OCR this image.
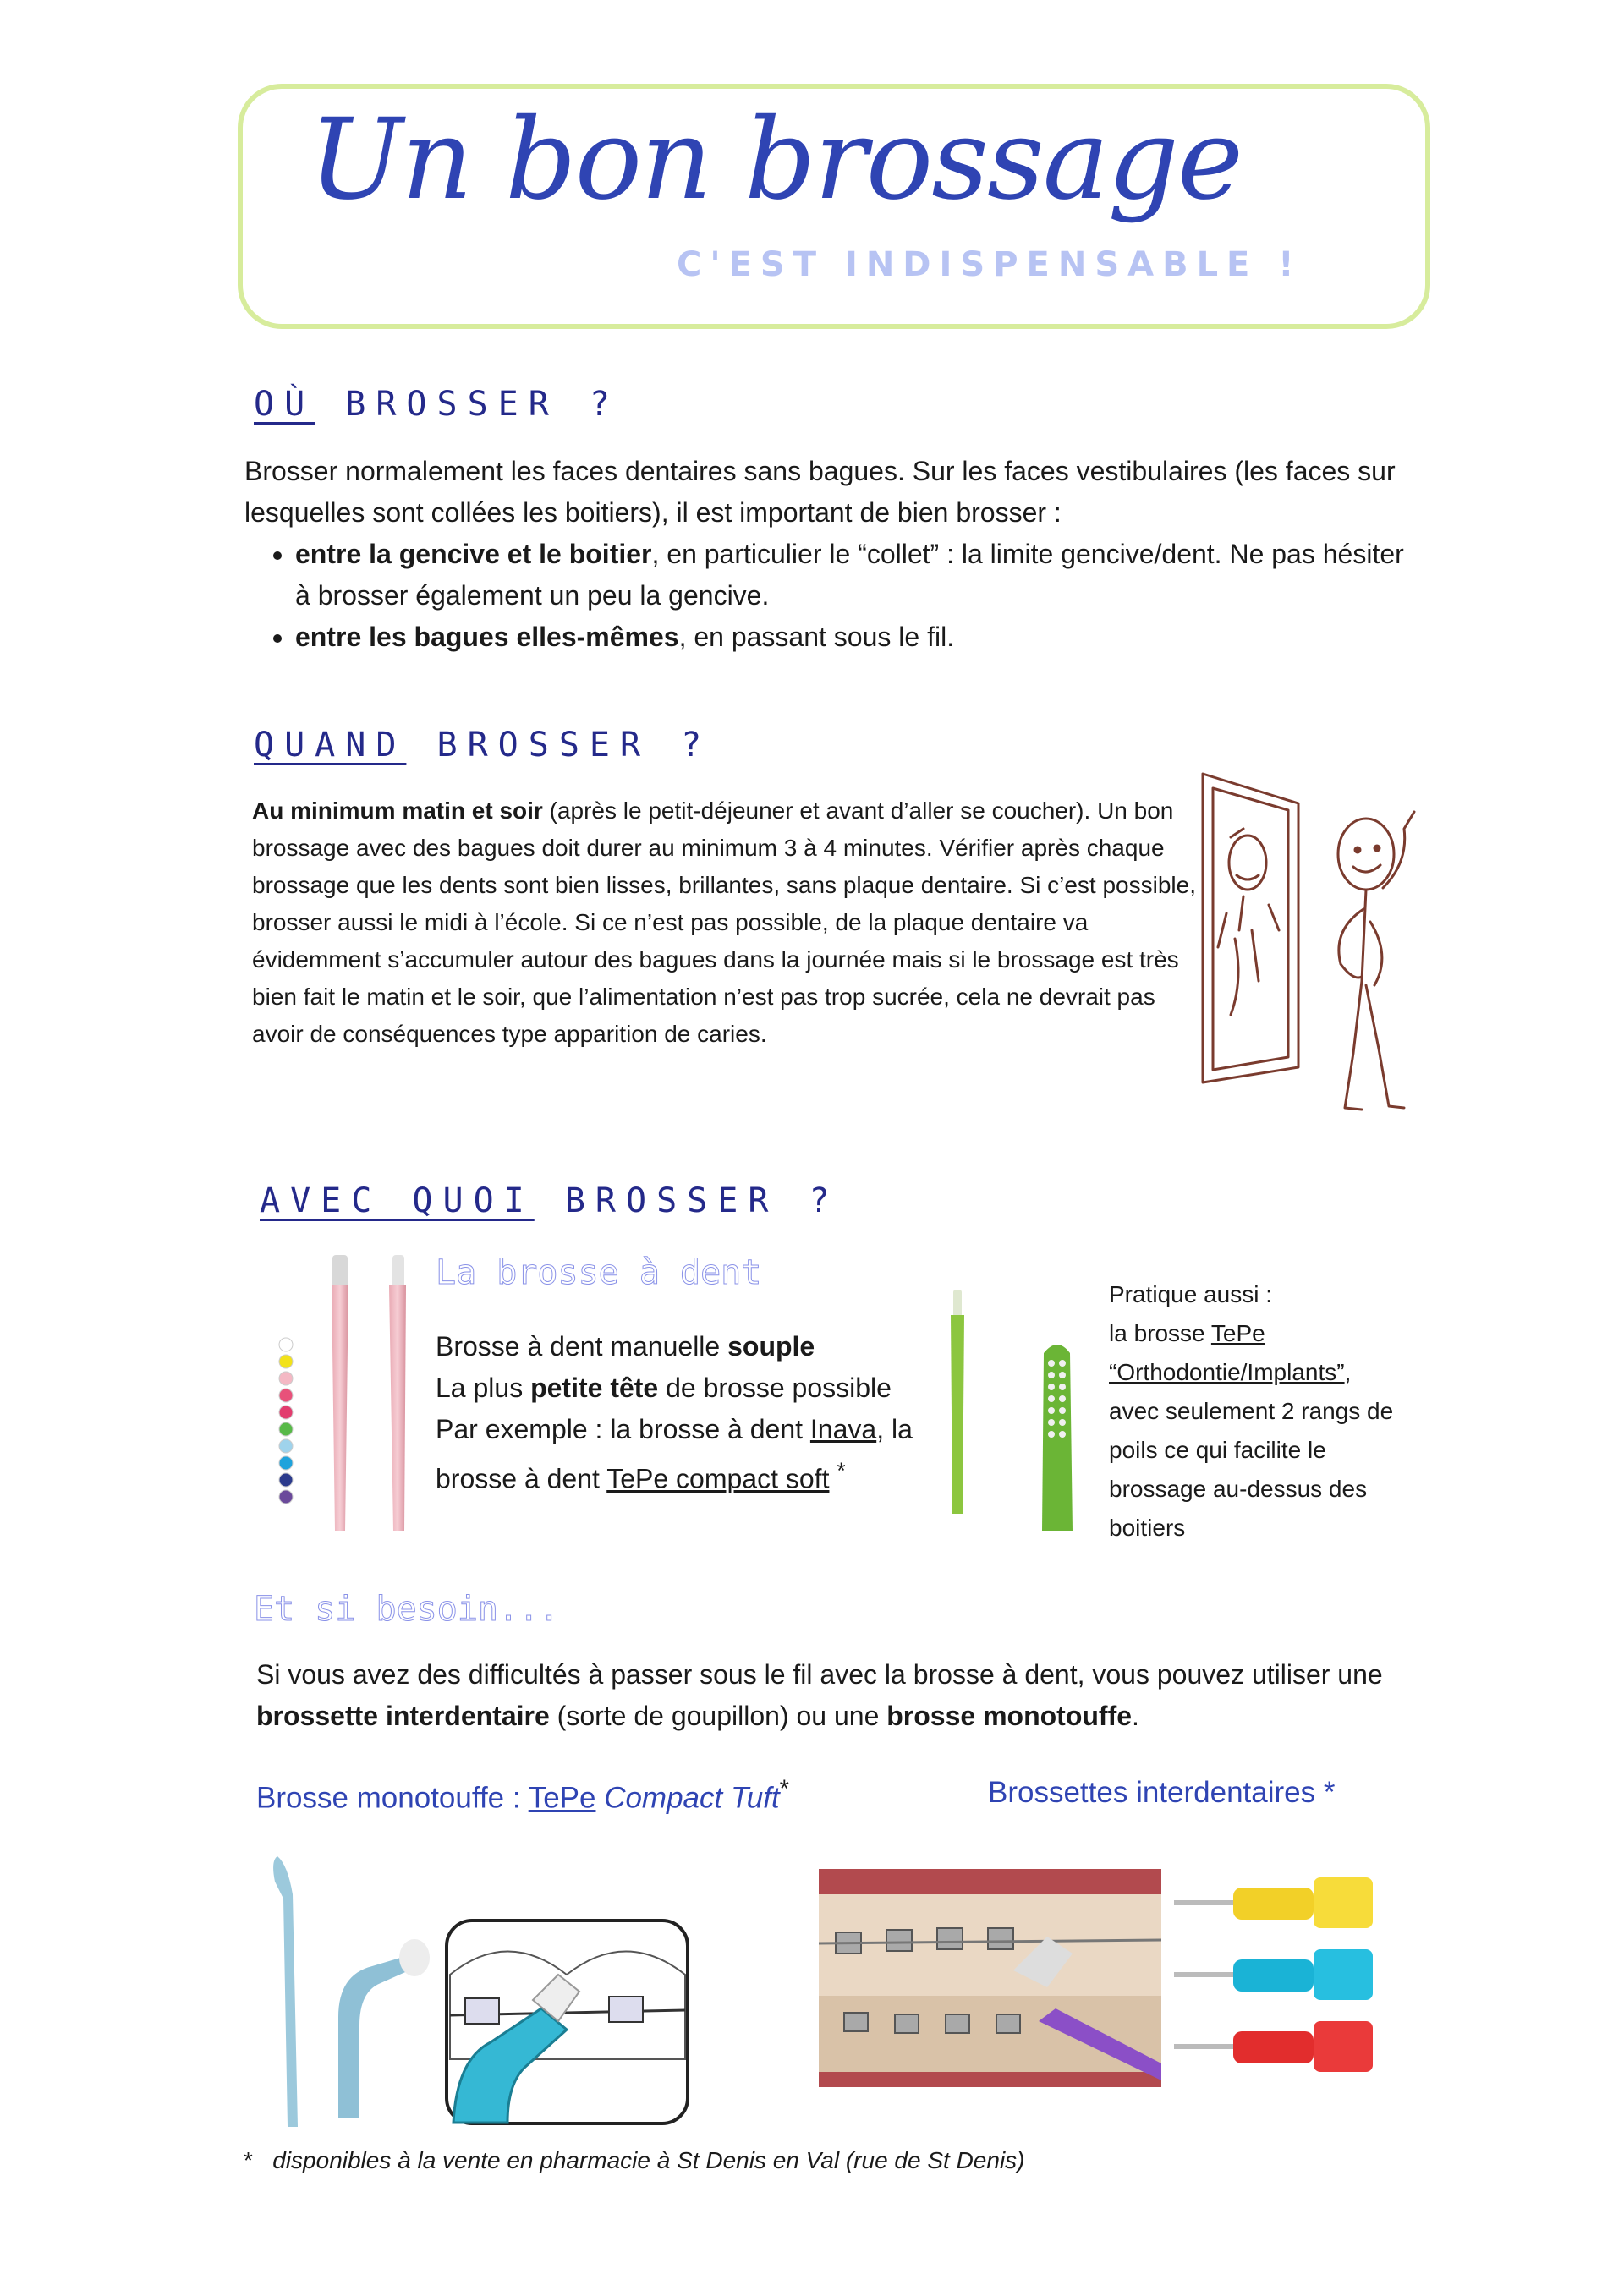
Un bon brossage
C'EST INDISPENSABLE !
OÙ BROSSER ?
Brosser normalement les faces dentaires sans bagues. Sur les faces vestibulaires (les faces sur lesquelles sont collées les boitiers), il est important de bien brosser :
• entre la gencive et le boitier, en particulier le “collet” : la limite gencive/dent. Ne pas hésiter à brosser également un peu la gencive.
• entre les bagues elles-mêmes, en passant sous le fil.
QUAND BROSSER ?
Au minimum matin et soir (après le petit-déjeuner et avant d’aller se coucher). Un bon brossage avec des bagues doit durer au minimum 3 à 4 minutes. Vérifier après chaque brossage que les dents sont bien lisses, brillantes, sans plaque dentaire. Si c’est possible, brosser aussi le midi à l’école. Si ce n’est pas possible, de la plaque dentaire va évidemment s’accumuler autour des bagues dans la journée mais si le brossage est très bien fait le matin et le soir, que l’alimentation n’est pas trop sucrée, cela ne devrait pas avoir de conséquences type apparition de caries.
AVEC QUOI BROSSER ?
La brosse à dent
Brosse à dent manuelle souple
La plus petite tête de brosse possible
Par exemple : la brosse à dent Inava, la
brosse à dent TePe compact soft *
Pratique aussi :
la brosse TePe
“Orthodontie/Implants”,
avec seulement 2 rangs de
poils ce qui facilite le
brossage au-dessus des
boitiers
Et si besoin...
Si vous avez des difficultés à passer sous le fil avec la brosse à dent, vous pouvez utiliser une brossette interdentaire (sorte de goupillon) ou une brosse monotouffe.
Brosse monotouffe : TePe Compact Tuft*	Brossettes interdentaires *
* disponibles à la vente en pharmacie à St Denis en Val (rue de St Denis)
